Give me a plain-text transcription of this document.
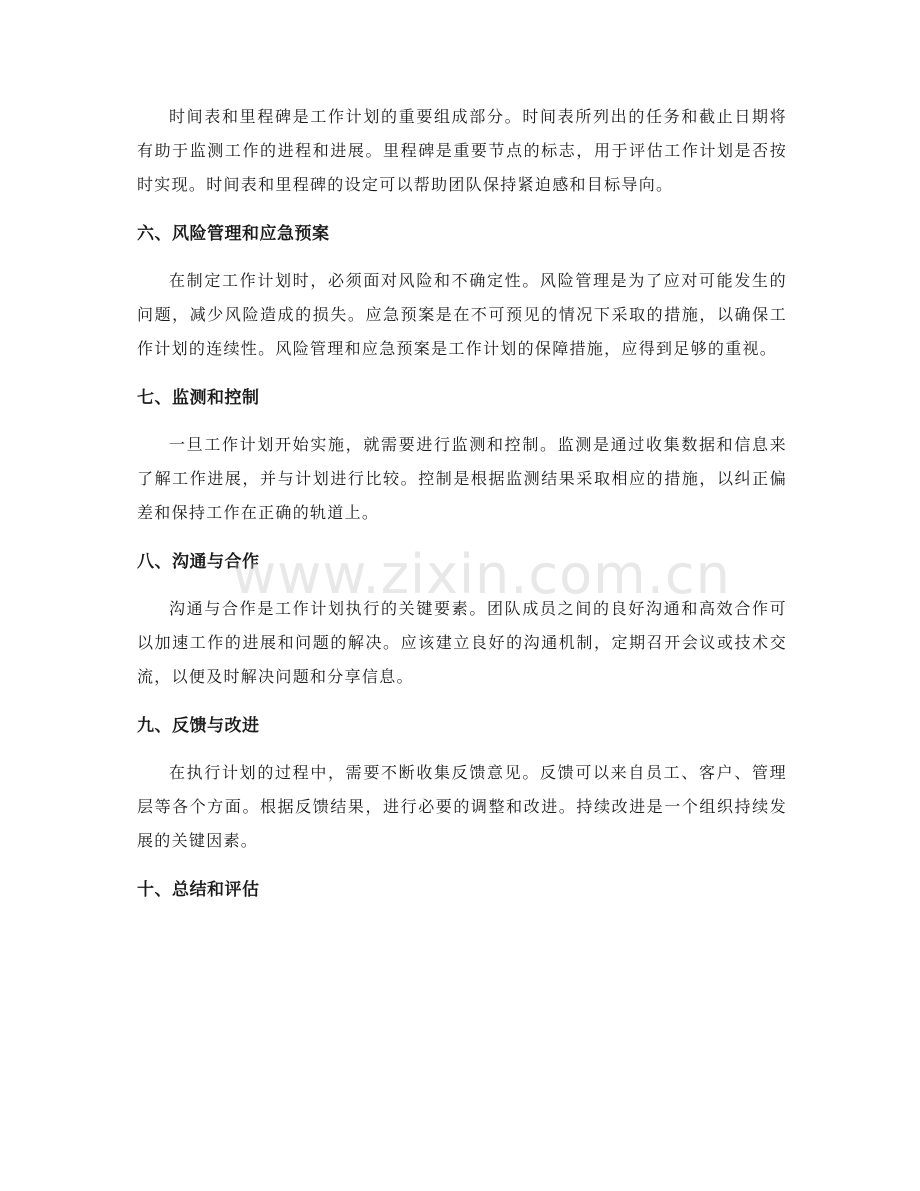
时间表和里程碑是工作计划的重要组成部分。时间表所列出的任务和截止日期将有助于监测工作的进程和进展。里程碑是重要节点的标志，用于评估工作计划是否按时实现。时间表和里程碑的设定可以帮助团队保持紧迫感和目标导向。

六、风险管理和应急预案

在制定工作计划时，必须面对风险和不确定性。风险管理是为了应对可能发生的问题，减少风险造成的损失。应急预案是在不可预见的情况下采取的措施，以确保工作计划的连续性。风险管理和应急预案是工作计划的保障措施，应得到足够的重视。

七、监测和控制

一旦工作计划开始实施，就需要进行监测和控制。监测是通过收集数据和信息来了解工作进展，并与计划进行比较。控制是根据监测结果采取相应的措施，以纠正偏差和保持工作在正确的轨道上。

八、沟通与合作

沟通与合作是工作计划执行的关键要素。团队成员之间的良好沟通和高效合作可以加速工作的进展和问题的解决。应该建立良好的沟通机制，定期召开会议或技术交流，以便及时解决问题和分享信息。

九、反馈与改进

在执行计划的过程中，需要不断收集反馈意见。反馈可以来自员工、客户、管理层等各个方面。根据反馈结果，进行必要的调整和改进。持续改进是一个组织持续发展的关键因素。

十、总结和评估
www.zixin.com.cn
